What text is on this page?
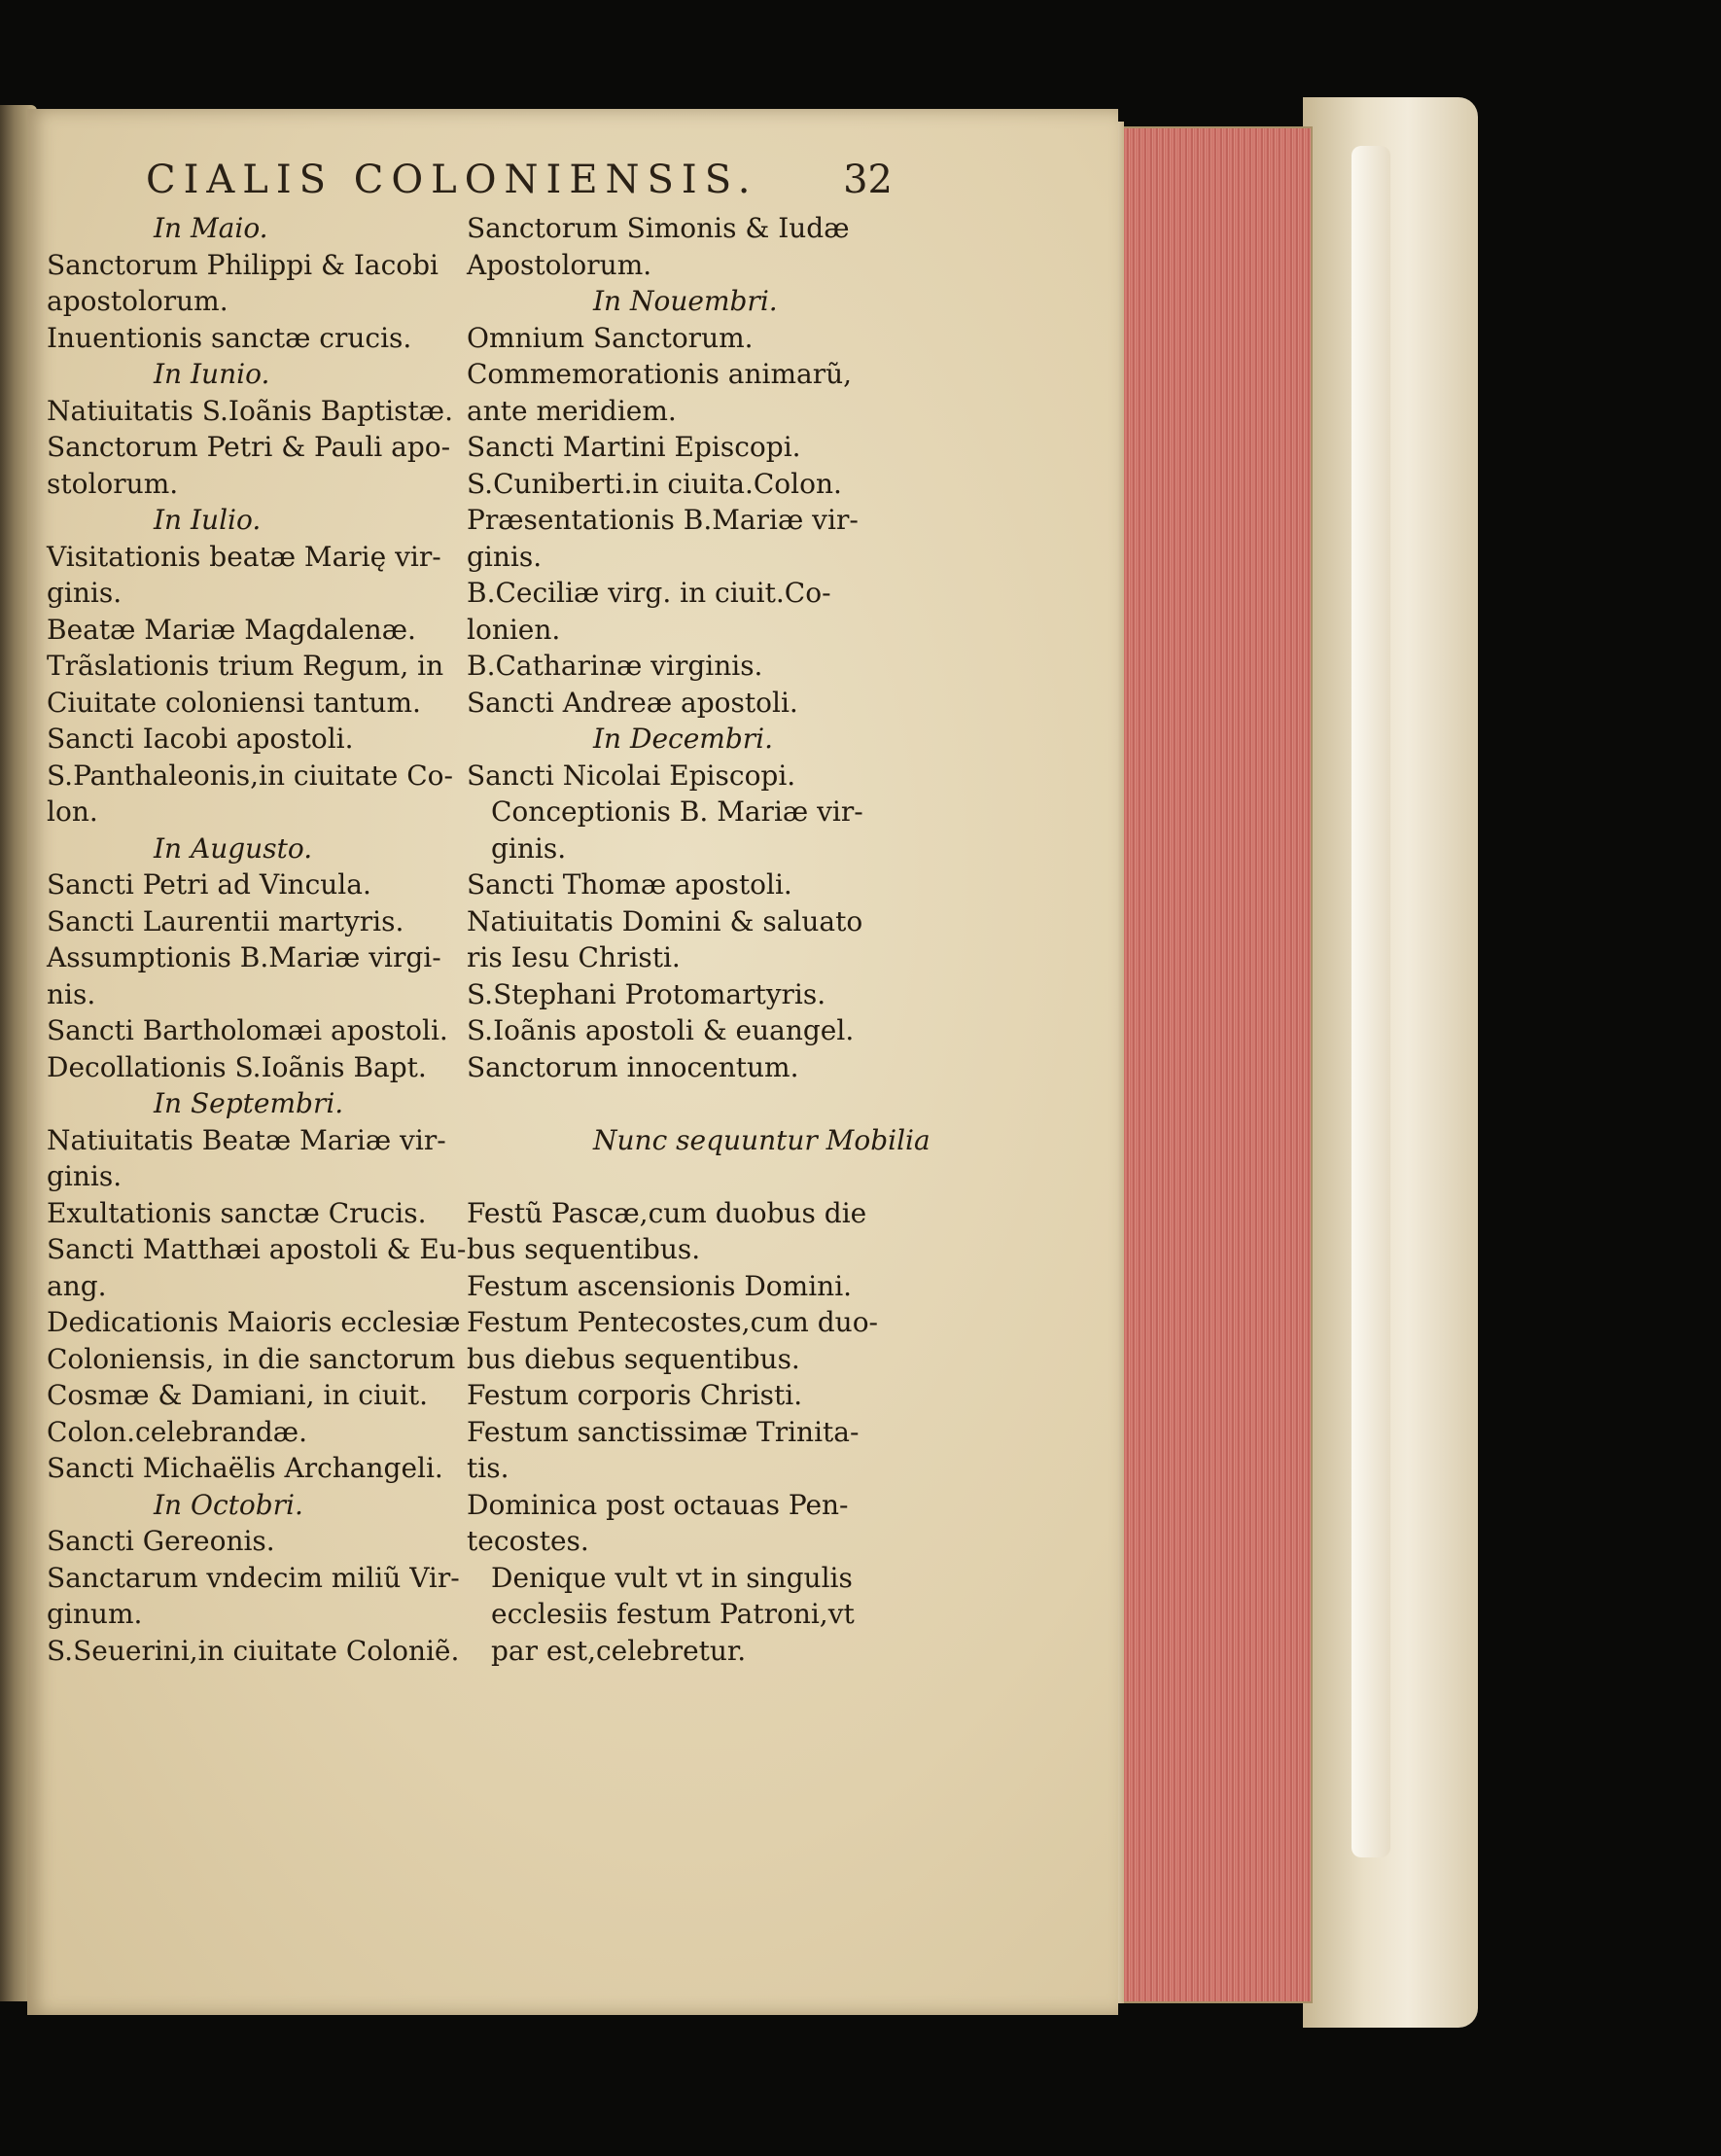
CIALIS COLONIENSIS. 32
In Maio.
Sanctorum Philippi & Iacobi
apostolorum.
Inuentionis sanctæ crucis.
In Iunio.
Natiuitatis S.Ioãnis Baptistæ.
Sanctorum Petri & Pauli apo-
stolorum.
In Iulio.
Visitationis beatæ Marię vir-
ginis.
Beatæ Mariæ Magdalenæ.
Trãslationis trium Regum, in
Ciuitate coloniensi tantum.
Sancti Iacobi apostoli.
S.Panthaleonis,in ciuitate Co-
lon.
In Augusto.
Sancti Petri ad Vincula.
Sancti Laurentii martyris.
Assumptionis B.Mariæ virgi-
nis.
Sancti Bartholomæi apostoli.
Decollationis S.Ioãnis Bapt.
In Septembri.
Natiuitatis Beatæ Mariæ vir-
ginis.
Exultationis sanctæ Crucis.
Sancti Matthæi apostoli & Eu-
ang.
Dedicationis Maioris ecclesiæ
Coloniensis, in die sanctorum
Cosmæ & Damiani, in ciuit.
Colon.celebrandæ.
Sancti Michaëlis Archangeli.
In Octobri.
Sancti Gereonis.
Sanctarum vndecim miliũ Vir-
ginum.
S.Seuerini,in ciuitate Coloniẽ.
Sanctorum Simonis & Iudæ
Apostolorum.
In Nouembri.
Omnium Sanctorum.
Commemorationis animarũ,
ante meridiem.
Sancti Martini Episcopi.
S.Cuniberti.in ciuita.Colon.
Præsentationis B.Mariæ vir-
ginis.
B.Ceciliæ virg. in ciuit.Co-
lonien.
B.Catharinæ virginis.
Sancti Andreæ apostoli.
In Decembri.
Sancti Nicolai Episcopi.
Conceptionis B. Mariæ vir-
ginis.
Sancti Thomæ apostoli.
Natiuitatis Domini & saluato
ris Iesu Christi.
S.Stephani Protomartyris.
S.Ioãnis apostoli & euangel.
Sanctorum innocentum.
Nunc sequuntur Mobilia
Festũ Pascæ,cum duobus die
bus sequentibus.
Festum ascensionis Domini.
Festum Pentecostes,cum duo-
bus diebus sequentibus.
Festum corporis Christi.
Festum sanctissimæ Trinita-
tis.
Dominica post octauas Pen-
tecostes.
Denique vult vt in singulis
ecclesiis festum Patroni,vt
par est,celebretur.
